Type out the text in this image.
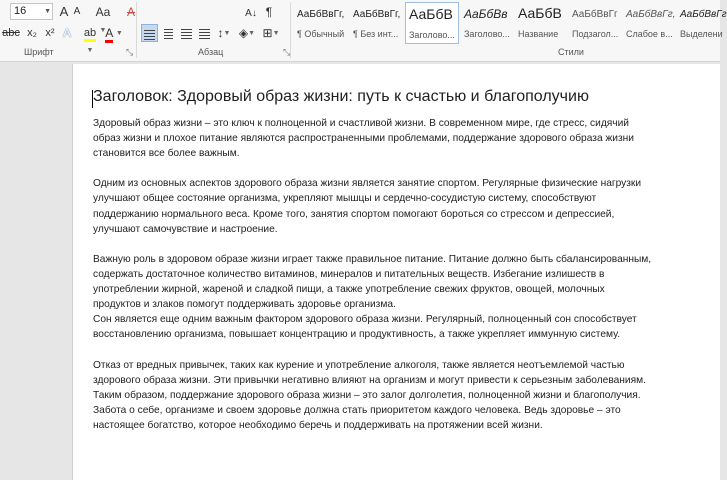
16	▼ A A	Aa ▼
A
abc x₂ x² A	ab ▼
A ▼
Шрифт	⤡
A↓ ¶
↕▼ ◈▼ ⊞▼
Абзац	⤡
АаБбВвГг,
¶ Обычный
АаБбВвГг,
¶ Без инт...
АаБбВ
Заголово...
АаБбВв
Заголово...
АаБбВ
Название
АаБбВвГг
Подзагол...
АаБбВвГг,
Слабое в...
АаБбВвГг
Выделени
Стили
Заголовок: Здоровый образ жизни: путь к счастью и благополучию

Здоровый образ жизни – это ключ к полноценной и счастливой жизни. В современном мире, где стресс, сидячий образ жизни и плохое питание являются распространенными проблемами, поддержание здорового образа жизни становится все более важным.

Одним из основных аспектов здорового образа жизни является занятие спортом. Регулярные физические нагрузки улучшают общее состояние организма, укрепляют мышцы и сердечно-сосудистую систему, способствуют поддержанию нормального веса. Кроме того, занятия спортом помогают бороться со стрессом и депрессией, улучшают самочувствие и настроение.

Важную роль в здоровом образе жизни играет также правильное питание. Питание должно быть сбалансированным, содержать достаточное количество витаминов, минералов и питательных веществ. Избегание излишеств в употреблении жирной, жареной и сладкой пищи, а также употребление свежих фруктов, овощей, молочных продуктов и злаков помогут поддерживать здоровье организма.

Сон является еще одним важным фактором здорового образа жизни. Регулярный, полноценный сон способствует восстановлению организма, повышает концентрацию и продуктивность, а также укрепляет иммунную систему.

Отказ от вредных привычек, таких как курение и употребление алкоголя, также является неотъемлемой частью здорового образа жизни. Эти привычки негативно влияют на организм и могут привести к серьезным заболеваниям.

Таким образом, поддержание здорового образа жизни – это залог долголетия, полноценной жизни и благополучия. Забота о себе, организме и своем здоровье должна стать приоритетом каждого человека. Ведь здоровье – это настоящее богатство, которое необходимо беречь и поддерживать на протяжении всей жизни.
